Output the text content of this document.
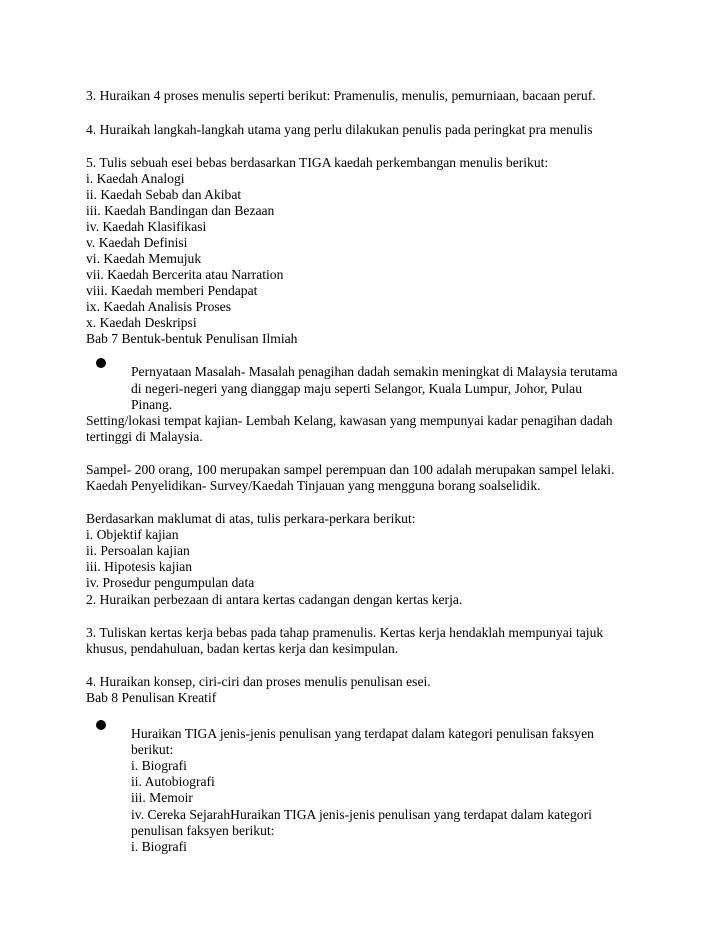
3. Huraikan 4 proses menulis seperti berikut: Pramenulis, menulis, pemurniaan, bacaan peruf.
4. Huraikah langkah-langkah utama yang perlu dilakukan penulis pada peringkat pra menulis
5. Tulis sebuah esei bebas berdasarkan TIGA kaedah perkembangan menulis berikut:
i. Kaedah Analogi
ii. Kaedah Sebab dan Akibat
iii. Kaedah Bandingan dan Bezaan
iv. Kaedah Klasifikasi
v. Kaedah Definisi
vi. Kaedah Memujuk
vii. Kaedah Bercerita atau Narration
viii. Kaedah memberi Pendapat
ix. Kaedah Analisis Proses
x. Kaedah Deskripsi
Bab 7 Bentuk-bentuk Penulisan Ilmiah
Pernyataan Masalah- Masalah penagihan dadah semakin meningkat di Malaysia terutama
di negeri-negeri yang dianggap maju seperti Selangor, Kuala Lumpur, Johor, Pulau
Pinang.
Setting/lokasi tempat kajian- Lembah Kelang, kawasan yang mempunyai kadar penagihan dadah
tertinggi di Malaysia.
Sampel- 200 orang, 100 merupakan sampel perempuan dan 100 adalah merupakan sampel lelaki.
Kaedah Penyelidikan- Survey/Kaedah Tinjauan yang mengguna borang soalselidik.
Berdasarkan maklumat di atas, tulis perkara-perkara berikut:
i. Objektif kajian
ii. Persoalan kajian
iii. Hipotesis kajian
iv. Prosedur pengumpulan data
2. Huraikan perbezaan di antara kertas cadangan dengan kertas kerja.
3. Tuliskan kertas kerja bebas pada tahap pramenulis. Kertas kerja hendaklah mempunyai tajuk
khusus, pendahuluan, badan kertas kerja dan kesimpulan.
4. Huraikan konsep, ciri-ciri dan proses menulis penulisan esei.
Bab 8 Penulisan Kreatif
Huraikan TIGA jenis-jenis penulisan yang terdapat dalam kategori penulisan faksyen
berikut:
i. Biografi
ii. Autobiografi
iii. Memoir
iv. Cereka SejarahHuraikan TIGA jenis-jenis penulisan yang terdapat dalam kategori
penulisan faksyen berikut:
i. Biografi
